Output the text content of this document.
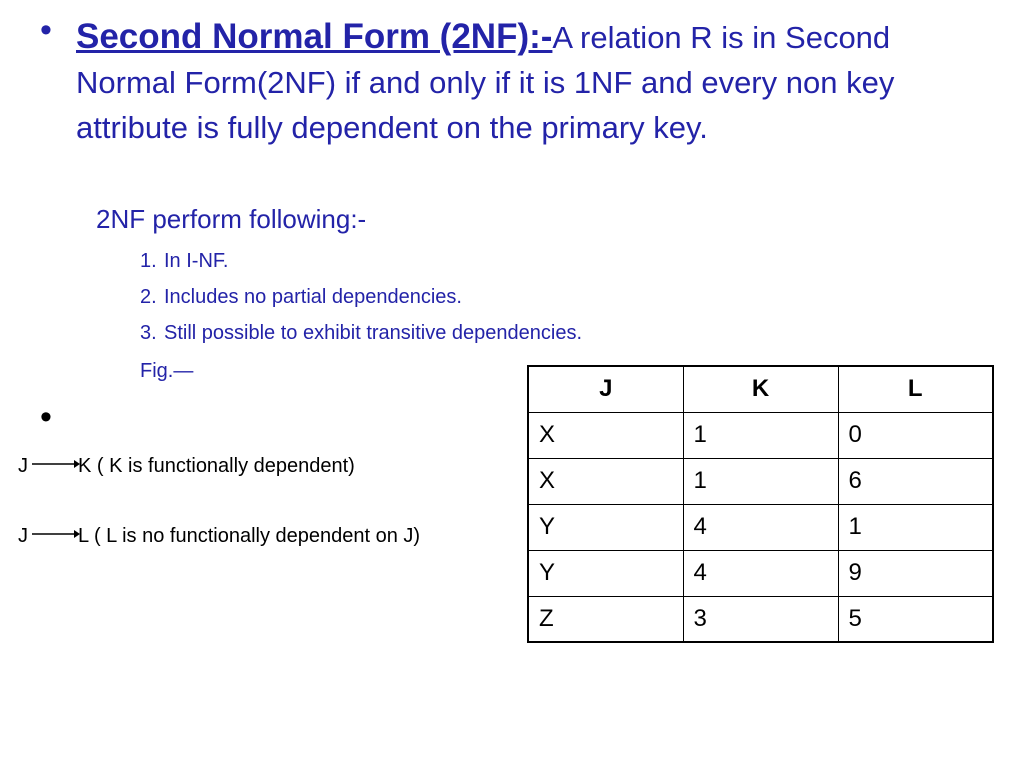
• Second Normal Form (2NF):-A relation R is in Second Normal Form(2NF) if and only if it is 1NF and every non key attribute is fully dependent on the primary key.
2NF perform following:-
1. In I-NF.
2. Includes no partial dependencies.
3. Still possible to exhibit transitive dependencies.
Fig.—
•
J	K ( K is functionally dependent)
J	L ( L is no functionally dependent on J)
J	K	L
X	1	0
X	1	6
Y	4	1
Y	4	9
Z	3	5
